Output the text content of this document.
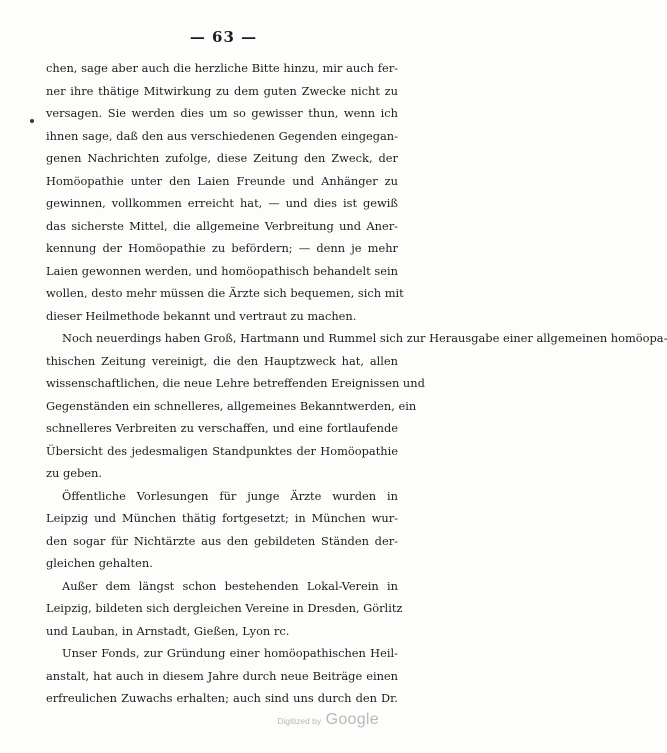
— 63 —
chen, sage aber auch die herzliche Bitte hinzu, mir auch fer-
ner ihre thätige Mitwirkung zu dem guten Zwecke nicht zu
versagen. Sie werden dies um so gewisser thun, wenn ich
ihnen sage, daß den aus verschiedenen Gegenden eingegan-
genen Nachrichten zufolge, diese Zeitung den Zweck, der
Homöopathie unter den Laien Freunde und Anhänger zu
gewinnen, vollkommen erreicht hat, — und dies ist gewiß
das sicherste Mittel, die allgemeine Verbreitung und Aner-
kennung der Homöopathie zu befördern; — denn je mehr
Laien gewonnen werden, und homöopathisch behandelt sein
wollen, desto mehr müssen die Ärzte sich bequemen, sich mit
dieser Heilmethode bekannt und vertraut zu machen.
Noch neuerdings haben Groß, Hartmann und Rummel sich zur Herausgabe einer allgemeinen homöopa-
thischen Zeitung vereinigt, die den Hauptzweck hat, allen
wissenschaftlichen, die neue Lehre betreffenden Ereignissen und
Gegenständen ein schnelleres, allgemeines Bekanntwerden, ein
schnelleres Verbreiten zu verschaffen, und eine fortlaufende
Übersicht des jedesmaligen Standpunktes der Homöopathie
zu geben.
Öffentliche Vorlesungen für junge Ärzte wurden in
Leipzig und München thätig fortgesetzt; in München wur-
den sogar für Nichtärzte aus den gebildeten Ständen der-
gleichen gehalten.
Außer dem längst schon bestehenden Lokal-Verein in
Leipzig, bildeten sich dergleichen Vereine in Dresden, Görlitz
und Lauban, in Arnstadt, Gießen, Lyon rc.
Unser Fonds, zur Gründung einer homöopathischen Heil-
anstalt, hat auch in diesem Jahre durch neue Beiträge einen
erfreulichen Zuwachs erhalten; auch sind uns durch den Dr.
Digitized by Google
